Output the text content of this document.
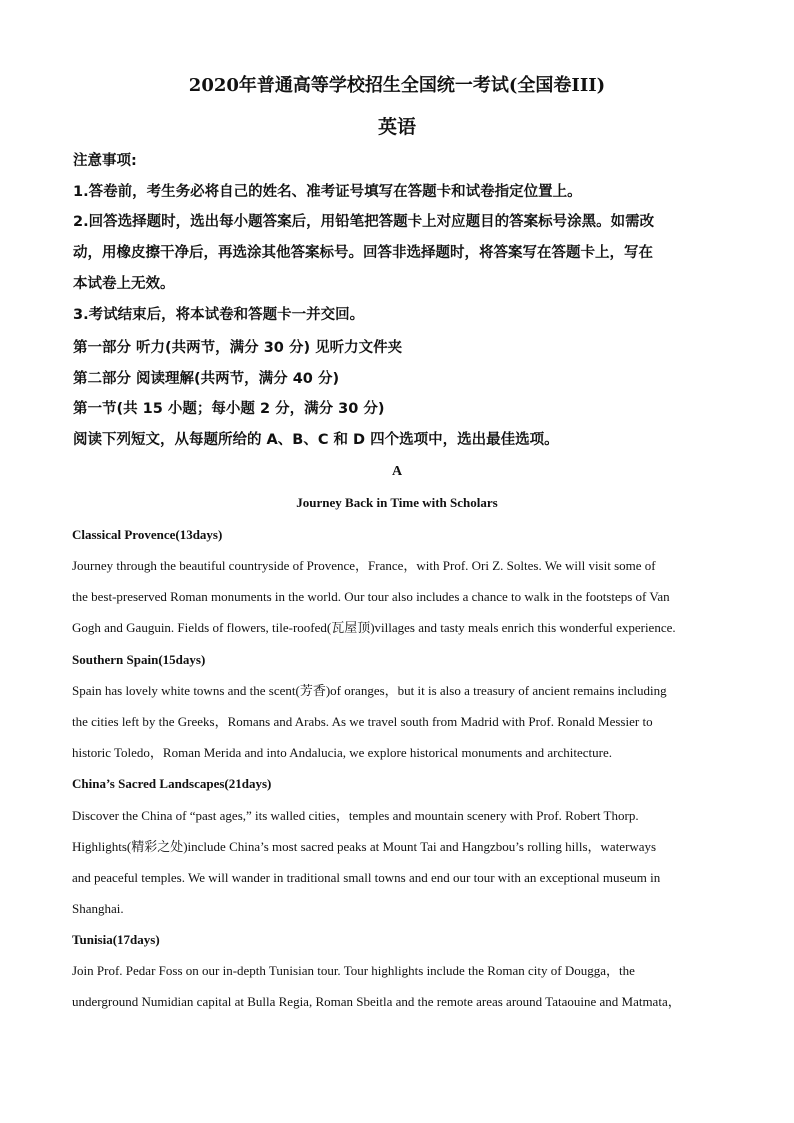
2020年普通高等学校招生全国统一考试(全国卷III)
英语
注意事项:
1.答卷前，考生务必将自己的姓名、准考证号填写在答题卡和试卷指定位置上。
2.回答选择题时，选出每小题答案后，用铅笔把答题卡上对应题目的答案标号涂黑。如需改
动，用橡皮擦干净后，再选涂其他答案标号。回答非选择题时，将答案写在答题卡上，写在
本试卷上无效。
3.考试结束后，将本试卷和答题卡一并交回。
第一部分 听力(共两节，满分 30 分) 见听力文件夹
第二部分 阅读理解(共两节，满分 40 分)
第一节(共 15 小题；每小题 2 分，满分 30 分)
阅读下列短文，从每题所给的 A、B、C 和 D 四个选项中，选出最佳选项。
A
Journey Back in Time with Scholars
Classical Provence(13days)
Journey through the beautiful countryside of Provence，France，with Prof. Ori Z. Soltes. We will visit some of
the best-preserved Roman monuments in the world. Our tour also includes a chance to walk in the footsteps of Van
Gogh and Gauguin. Fields of flowers, tile-roofed(瓦屋顶)villages and tasty meals enrich this wonderful experience.
Southern Spain(15days)
Spain has lovely white towns and the scent(芳香)of oranges，but it is also a treasury of ancient remains including
the cities left by the Greeks，Romans and Arabs. As we travel south from Madrid with Prof. Ronald Messier to
historic Toledo，Roman Merida and into Andalucia, we explore historical monuments and architecture.
China’s Sacred Landscapes(21days)
Discover the China of “past ages,” its walled cities，temples and mountain scenery with Prof. Robert Thorp.
Highlights(精彩之处)include China’s most sacred peaks at Mount Tai and Hangzbou’s rolling hills，waterways
and peaceful temples. We will wander in traditional small towns and end our tour with an exceptional museum in
Shanghai.
Tunisia(17days)
Join Prof. Pedar Foss on our in-depth Tunisian tour. Tour highlights include the Roman city of Dougga，the
underground Numidian capital at Bulla Regia, Roman Sbeitla and the remote areas around Tataouine and Matmata，
